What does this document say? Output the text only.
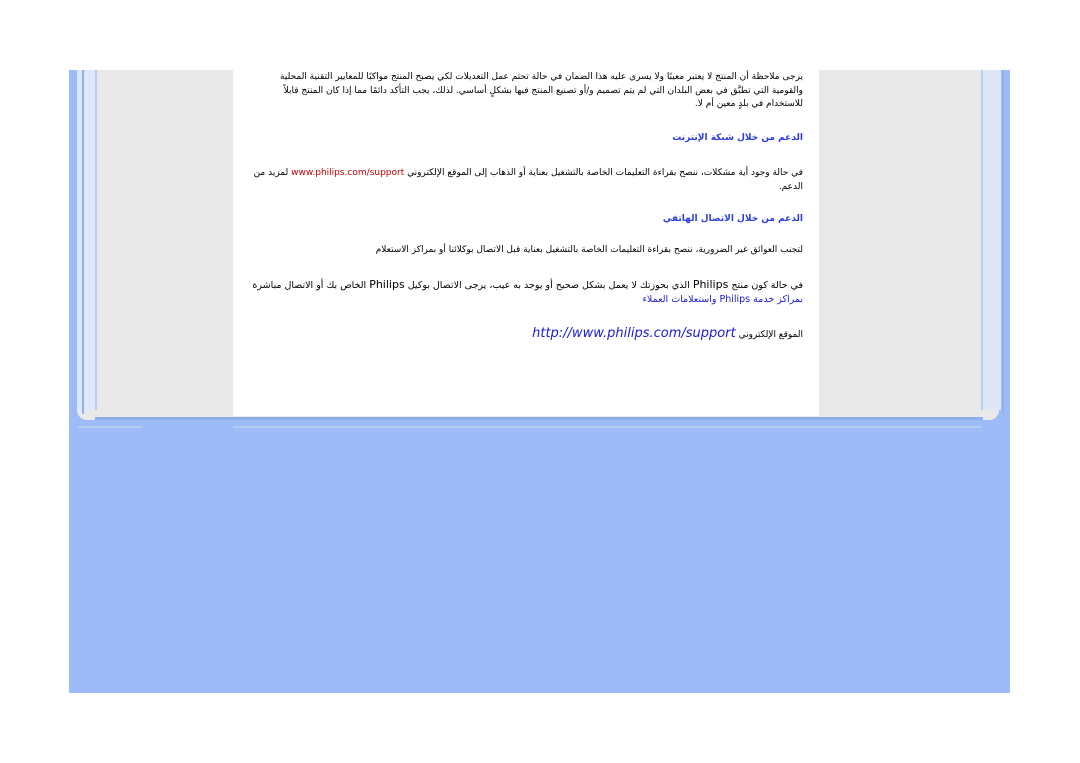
يرجى ملاحظة أن المنتج لا يعتبر معيبًا ولا يسري عليه هذا الضمان في حالة تحتم عمل التعديلات لكي يصبح المنتج مواكبًا للمعايير التقنية المحلية والقومية التي تطبَّق في بعض البلدان التي لم يتم تصميم و/أو تصنيع المنتج فيها بشكلٍ أساسي. لذلك، يجب التأكد دائمًا مما إذا كان المنتج قابلاً للاستخدام في بلدٍ معين أم لا.
الدعم من خلال شبكة الإنترنت
في حالة وجود أية مشكلات، ننصح بقراءة التعليمات الخاصة بالتشغيل بعناية أو الذهاب إلى الموقع الإلكتروني www.philips.com/support لمزيد من الدعم.
الدعم من خلال الاتصال الهاتفي
لتجنب العوائق غير الضرورية، ننصح بقراءة التعليمات الخاصة بالتشغيل بعناية قبل الاتصال بوكلائنا أو بمراكز الاستعلام
في حالة كون منتج Philips الذي بحوزتك لا يعمل بشكل صحيح أو يوجد به عيب، يرجى الاتصال بوكيل Philips الخاص بك أو الاتصال مباشرة بمراكز خدمة Philips واستعلامات العملاء
الموقع الإلكتروني http://www.philips.com/support
